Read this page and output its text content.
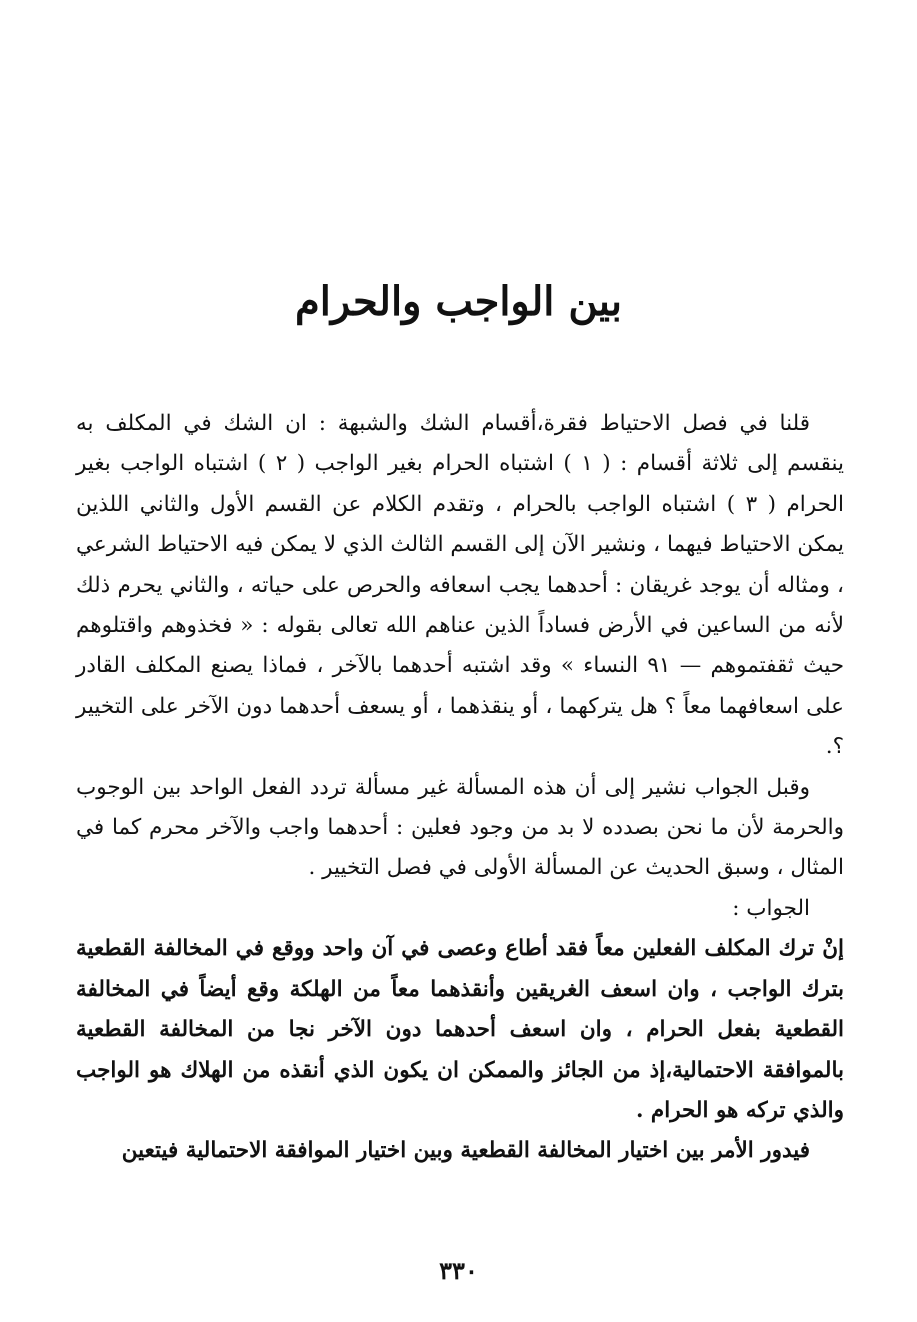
بين الواجب والحرام

قلنا في فصل الاحتياط فقرة،أقسام الشك والشبهة : ان الشك في المكلف به ينقسم إلى ثلاثة أقسام : ( ١ ) اشتباه الحرام بغير الواجب ( ٢ ) اشتباه الواجب بغير الحرام ( ٣ ) اشتباه الواجب بالحرام ، وتقدم الكلام عن القسم الأول والثاني اللذين يمكن الاحتياط فيهما ، ونشير الآن إلى القسم الثالث الذي لا يمكن فيه الاحتياط الشرعي ، ومثاله أن يوجد غريقان : أحدهما يجب اسعافه والحرص على حياته ، والثاني يحرم ذلك لأنه من الساعين في الأرض فساداً الذين عناهم الله تعالى بقوله : « فخذوهم واقتلوهم حيث ثقفتموهم — ٩١ النساء » وقد اشتبه أحدهما بالآخر ، فماذا يصنع المكلف القادر على اسعافهما معاً ؟ هل يتركهما ، أو ينقذهما ، أو يسعف أحدهما دون الآخر على التخيير ؟.

وقبل الجواب نشير إلى أن هذه المسألة غير مسألة تردد الفعل الواحد بين الوجوب والحرمة لأن ما نحن بصدده لا بد من وجود فعلين : أحدهما واجب والآخر محرم كما في المثال ، وسبق الحديث عن المسألة الأولى في فصل التخيير .

الجواب :

إنْ ترك المكلف الفعلين معاً فقد أطاع وعصى في آن واحد ووقع في المخالفة القطعية بترك الواجب ، وان اسعف الغريقين وأنقذهما معاً من الهلكة وقع أيضاً في المخالفة القطعية بفعل الحرام ، وان اسعف أحدهما دون الآخر نجا من المخالفة القطعية بالموافقة الاحتمالية،إذ من الجائز والممكن ان يكون الذي أنقذه من الهلاك هو الواجب والذي تركه هو الحرام .

فيدور الأمر بين اختيار المخالفة القطعية وبين اختيار الموافقة الاحتمالية فيتعين

٣٣٠
